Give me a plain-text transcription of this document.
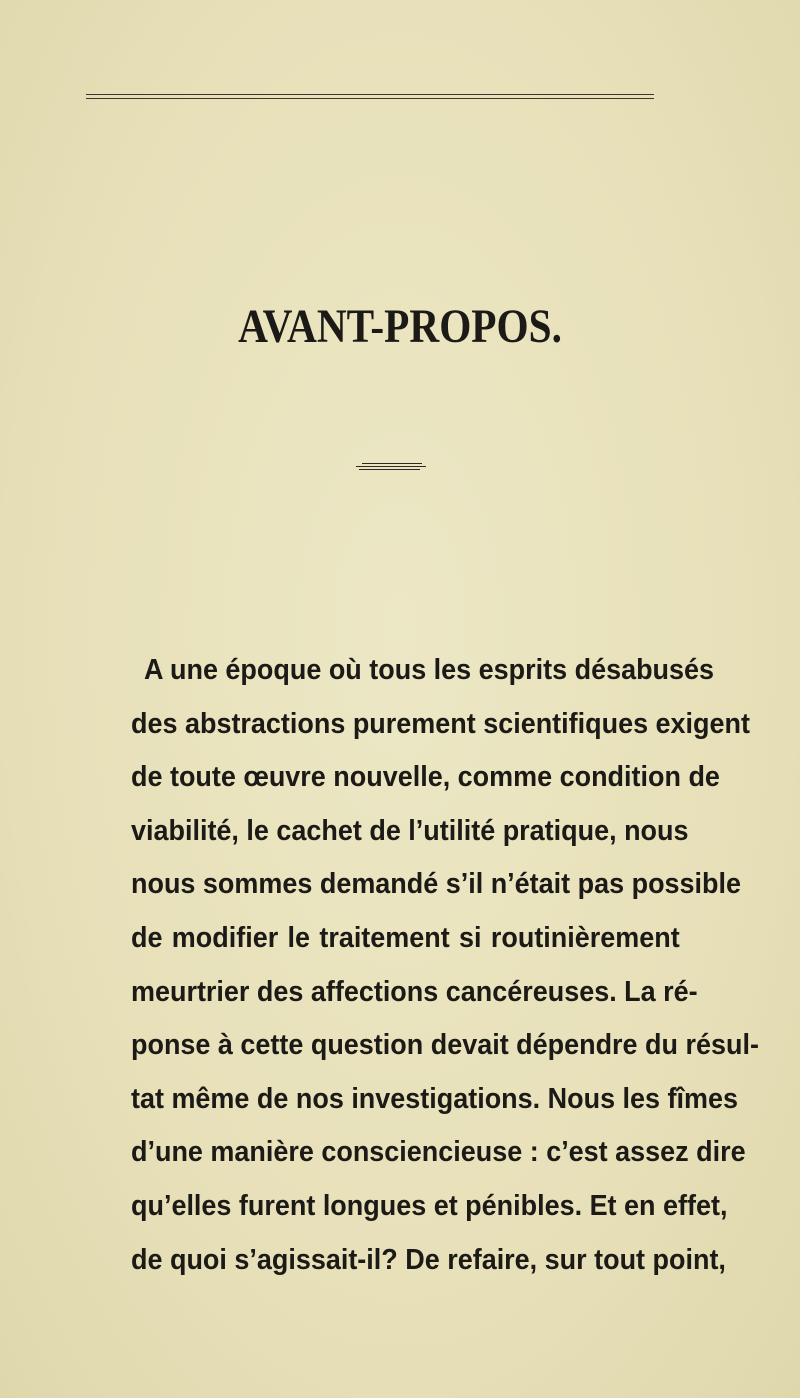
AVANT-PROPOS.
A une époque où tous les esprits désabusés
des abstractions purement scientifiques exigent
de toute œuvre nouvelle, comme condition de
viabilité, le cachet de l’utilité pratique, nous
nous sommes demandé s’il n’était pas possible
de modifier le traitement si routinièrement
meurtrier des affections cancéreuses. La ré-
ponse à cette question devait dépendre du résul-
tat même de nos investigations. Nous les fîmes
d’une manière consciencieuse : c’est assez dire
qu’elles furent longues et pénibles. Et en effet,
de quoi s’agissait-il? De refaire, sur tout point,
